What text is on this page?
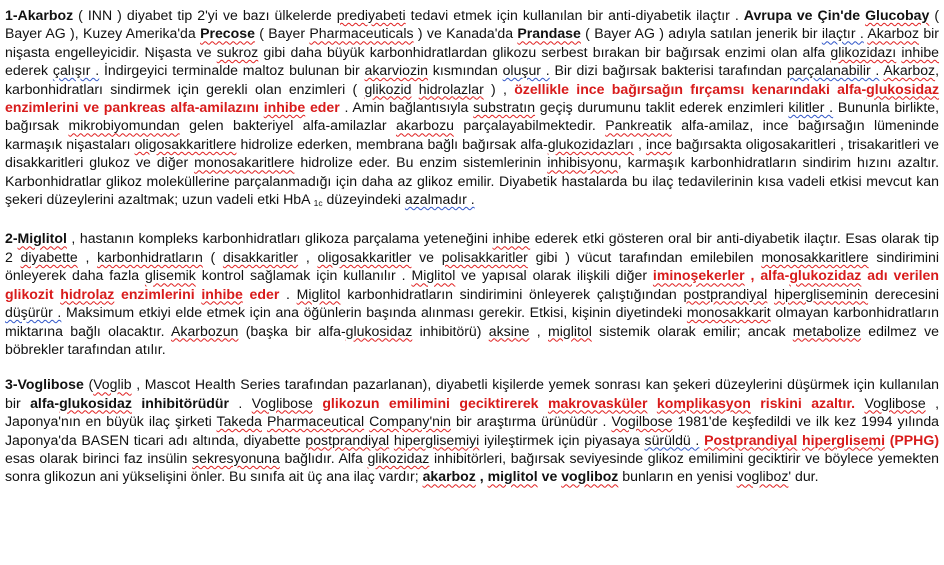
1-Akarboz ( INN ) diyabet tip 2'yi ve bazı ülkelerde prediyabeti tedavi etmek için kullanılan bir anti-diyabetik ilaçtır . Avrupa ve Çin'de Glucobay ( Bayer AG ), Kuzey Amerika'da Precose ( Bayer Pharmaceuticals ) ve Kanada'da Prandase ( Bayer AG ) adıyla satılan jenerik bir ilaçtır . Akarboz bir nişasta engelleyicidir. Nişasta ve sukroz gibi daha büyük karbonhidratlardan glikozu serbest bırakan bir bağırsak enzimi olan alfa glikozidazı inhibe ederek çalışır . İndirgeyici terminalde maltoz bulunan bir akarviozin kısmından oluşur . Bir dizi bağırsak bakterisi tarafından parçalanabilir . Akarboz, karbonhidratları sindirmek için gerekli olan enzimleri ( glikozid hidrolazlar ) , özellikle ince bağırsağın fırçamsı kenarındaki alfa-glukosidaz enzimlerini ve pankreas alfa-amilazını inhibe eder . Amin bağlantısıyla substratın geçiş durumunu taklit ederek enzimleri kilitler . Bununla birlikte, bağırsak mikrobiyomundan gelen bakteriyel alfa-amilazlar akarbozu parçalayabilmektedir. Pankreatik alfa-amilaz, ince bağırsağın lümeninde karmaşık nişastaları oligosakkaritlere hidrolize ederken, membrana bağlı bağırsak alfa-glukozidazları , ince bağırsakta oligosakaritleri , trisakaritleri ve disakkaritleri glukoz ve diğer monosakaritlere hidrolize eder. Bu enzim sistemlerinin inhibisyonu, karmaşık karbonhidratların sindirim hızını azaltır. Karbonhidratlar glikoz moleküllerine parçalanmadığı için daha az glikoz emilir. Diyabetik hastalarda bu ilaç tedavilerinin kısa vadeli etkisi mevcut kan şekeri düzeylerini azaltmak; uzun vadeli etki HbA $_{1c}$ düzeyindeki azalmadır .

2-Miglitol , hastanın kompleks karbonhidratları glikoza parçalama yeteneğini inhibe ederek etki gösteren oral bir anti-diyabetik ilaçtır. Esas olarak tip 2 diyabette , karbonhidratların ( disakkaritler , oligosakkaritler ve polisakkaritler gibi ) vücut tarafından emilebilen monosakkaritlere sindirimini önleyerek daha fazla glisemik kontrol sağlamak için kullanılır . Miglitol ve yapısal olarak ilişkili diğer iminoşekerler , alfa-glukozidaz adı verilen glikozit hidrolaz enzimlerini inhibe eder . Miglitol karbonhidratların sindirimini önleyerek çalıştığından postprandiyal hipergliseminin derecesini düşürür . Maksimum etkiyi elde etmek için ana öğünlerin başında alınması gerekir. Etkisi, kişinin diyetindeki monosakkarit olmayan karbonhidratların miktarına bağlı olacaktır. Akarbozun (başka bir alfa-glukosidaz inhibitörü) aksine , miglitol sistemik olarak emilir; ancak metabolize edilmez ve böbrekler tarafından atılır.

3-Voglibose (Voglib , Mascot Health Series tarafından pazarlanan), diyabetli kişilerde yemek sonrası kan şekeri düzeylerini düşürmek için kullanılan bir alfa-glukosidaz inhibitörüdür . Voglibose glikozun emilimini geciktirerek makrovasküler komplikasyon riskini azaltır. Voglibose , Japonya'nın en büyük ilaç şirketi Takeda Pharmaceutical Company'nin bir araştırma ürünüdür . Vogilbose 1981'de keşfedildi ve ilk kez 1994 yılında Japonya'da BASEN ticari adı altında, diyabette postprandiyal hiperglisemiyi iyileştirmek için piyasaya sürüldü . Postprandiyal hiperglisemi (PPHG) esas olarak birinci faz insülin sekresyonuna bağlıdır. Alfa glikozidaz inhibitörleri, bağırsak seviyesinde glikoz emilimini geciktirir ve böylece yemekten sonra glikozun ani yükselişini önler. Bu sınıfa ait üç ana ilaç vardır; akarboz , miglitol ve vogliboz bunların en yenisi vogliboz' dur.
